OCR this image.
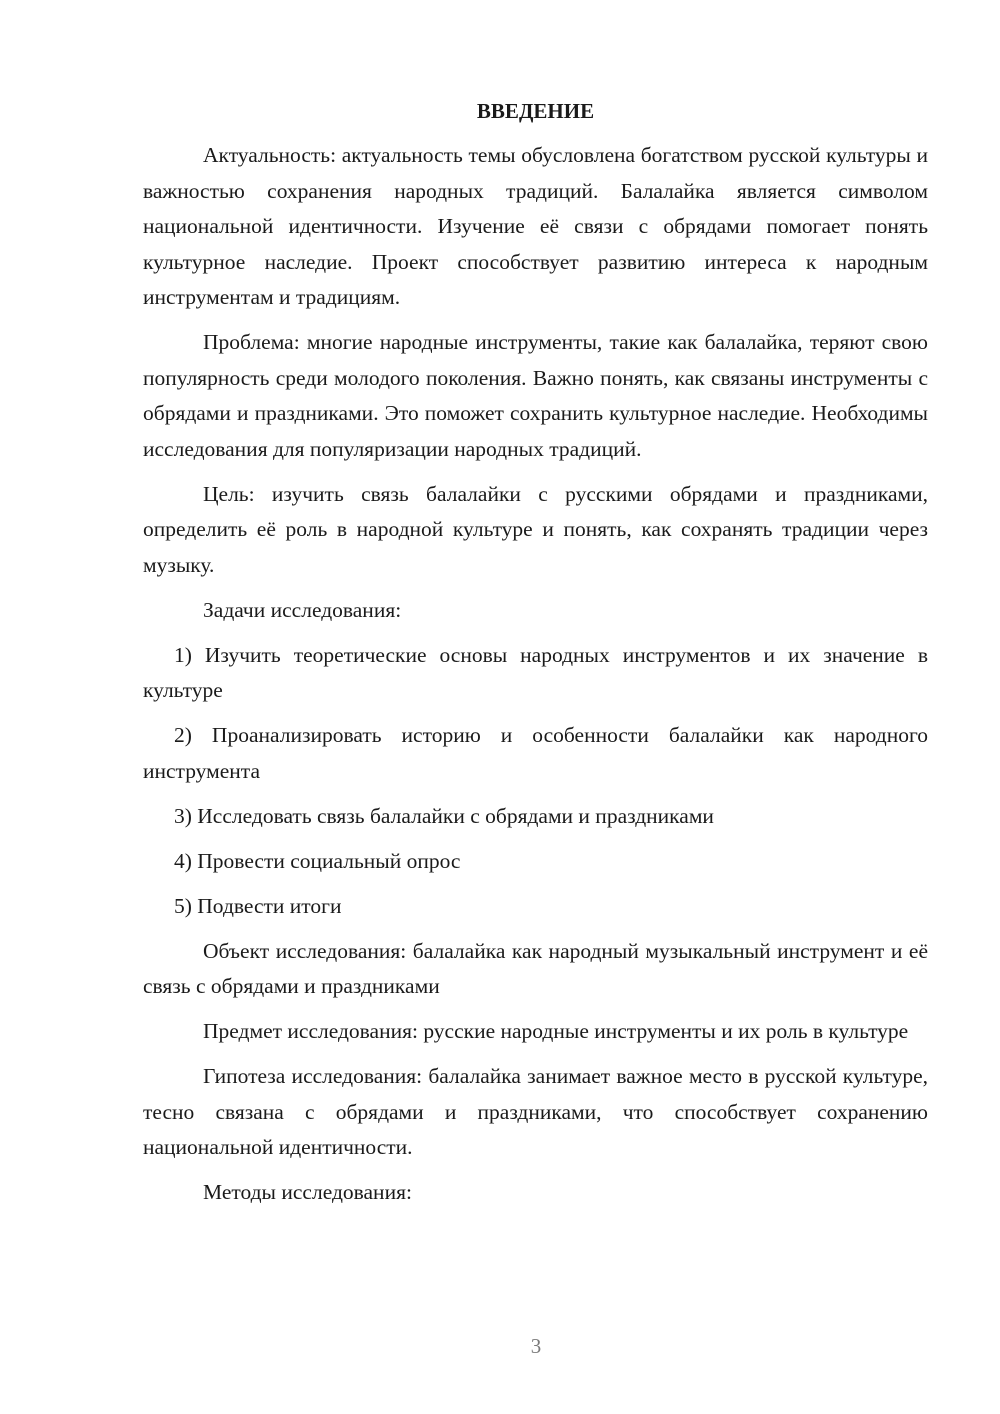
ВВЕДЕНИЕ

Актуальность: актуальность темы обусловлена богатством русской культуры и важностью сохранения народных традиций. Балалайка является символом национальной идентичности. Изучение её связи с обрядами помогает понять культурное наследие. Проект способствует развитию интереса к народным инструментам и традициям.

Проблема: многие народные инструменты, такие как балалайка, теряют свою популярность среди молодого поколения. Важно понять, как связаны инструменты с обрядами и праздниками. Это поможет сохранить культурное наследие. Необходимы исследования для популяризации народных традиций.

Цель: изучить связь балалайки с русскими обрядами и праздниками, определить её роль в народной культуре и понять, как сохранять традиции через музыку.

Задачи исследования:

1) Изучить теоретические основы народных инструментов и их значение в культуре

2) Проанализировать историю и особенности балалайки как народного инструмента

3) Исследовать связь балалайки с обрядами и праздниками

4) Провести социальный опрос

5) Подвести итоги

Объект исследования: балалайка как народный музыкальный инструмент и её связь с обрядами и праздниками

Предмет исследования: русские народные инструменты и их роль в культуре

Гипотеза исследования: балалайка занимает важное место в русской культуре, тесно связана с обрядами и праздниками, что способствует сохранению национальной идентичности.

Методы исследования:

3
